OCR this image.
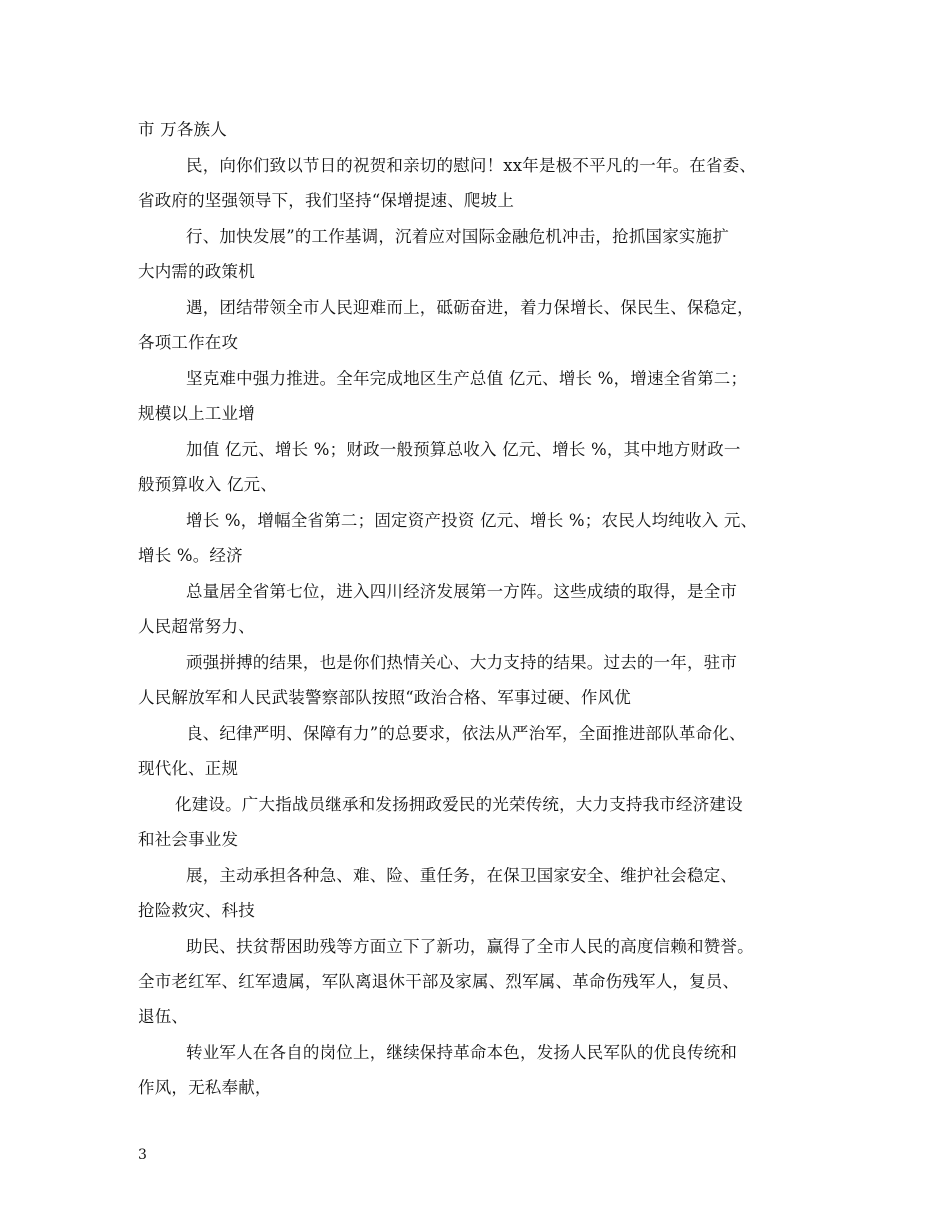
市 万各族人
民，向你们致以节日的祝贺和亲切的慰问！xx年是极不平凡的一年。在省委、
省政府的坚强领导下，我们坚持“保增提速、爬坡上
行、加快发展”的工作基调，沉着应对国际金融危机冲击，抢抓国家实施扩
大内需的政策机
遇，团结带领全市人民迎难而上，砥砺奋进，着力保增长、保民生、保稳定，
各项工作在攻
坚克难中强力推进。全年完成地区生产总值 亿元、增长 %，增速全省第二；
规模以上工业增
加值 亿元、增长 %；财政一般预算总收入 亿元、增长 %，其中地方财政一
般预算收入 亿元、
增长 %，增幅全省第二；固定资产投资 亿元、增长 %；农民人均纯收入 元、
增长 %。经济
总量居全省第七位，进入四川经济发展第一方阵。这些成绩的取得，是全市
人民超常努力、
顽强拼搏的结果，也是你们热情关心、大力支持的结果。过去的一年，驻市
人民解放军和人民武装警察部队按照“政治合格、军事过硬、作风优
良、纪律严明、保障有力”的总要求，依法从严治军，全面推进部队革命化、
现代化、正规
化建设。广大指战员继承和发扬拥政爱民的光荣传统，大力支持我市经济建设
和社会事业发
展，主动承担各种急、难、险、重任务，在保卫国家安全、维护社会稳定、
抢险救灾、科技
助民、扶贫帮困助残等方面立下了新功，赢得了全市人民的高度信赖和赞誉。
全市老红军、红军遗属，军队离退休干部及家属、烈军属、革命伤残军人，复员、
退伍、
转业军人在各自的岗位上，继续保持革命本色，发扬人民军队的优良传统和
作风，无私奉献，
3
